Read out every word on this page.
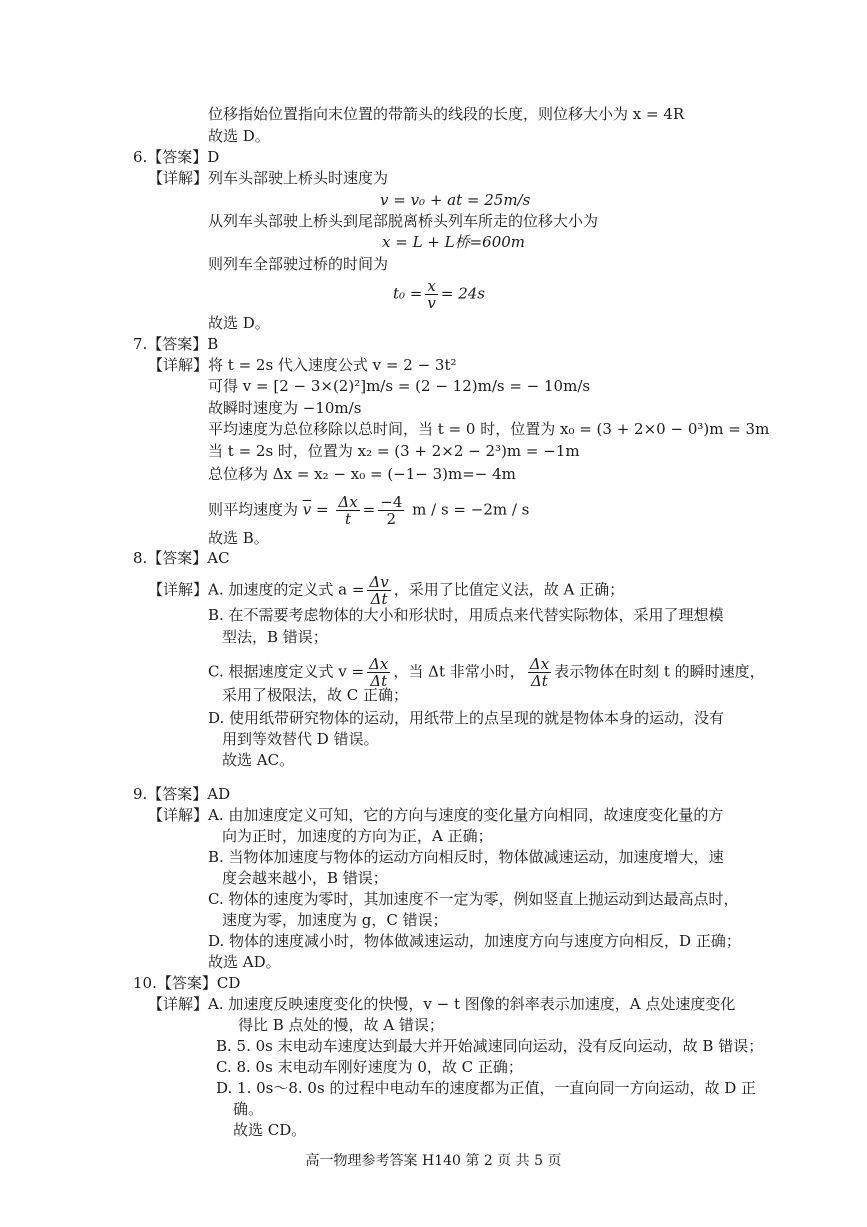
位移指始位置指向末位置的带箭头的线段的长度，则位移大小为 x = 4R
故选 D。
6.【答案】D
【详解】列车头部驶上桥头时速度为
v = v₀ + at = 25m/s
从列车头部驶上桥头到尾部脱离桥头列车所走的位移大小为
x = L + L桥=600m
则列车全部驶过桥的时间为
$t_0 = \frac{x}{v} = 24s$
故选 D。
7.【答案】B
【详解】将 t = 2s 代入速度公式 v = 2 − 3t²
可得 v = [2 − 3×(2)²]m/s = (2 − 12)m/s = − 10m/s
故瞬时速度为 −10m/s
平均速度为总位移除以总时间，当 t = 0 时，位置为 x₀ = (3 + 2×0 − 0³)m = 3m
当 t = 2s 时，位置为 x₂ = (3 + 2×2 − 2³)m = −1m
总位移为 Δx = x₂ − x₀ = (−1− 3)m=− 4m
则平均速度为 $\overline{v} = \frac{\Delta x}{t} = \frac{-4}{2}$ m / s = −2m / s
故选 B。
8.【答案】AC
【详解】A. 加速度的定义式 $a = \frac{\Delta v}{\Delta t}$ ，采用了比值定义法，故 A 正确；
B. 在不需要考虑物体的大小和形状时，用质点来代替实际物体，采用了理想模
型法，B 错误；
C. 根据速度定义式 $v = \frac{\Delta x}{\Delta t}$ ，当 Δt 非常小时， $\frac{\Delta x}{\Delta t}$ 表示物体在时刻 t 的瞬时速度，
采用了极限法，故 C 正确；
D. 使用纸带研究物体的运动，用纸带上的点呈现的就是物体本身的运动，没有
用到等效替代 D 错误。
故选 AC。
9.【答案】AD
【详解】A. 由加速度定义可知，它的方向与速度的变化量方向相同，故速度变化量的方
向为正时，加速度的方向为正，A 正确；
B. 当物体加速度与物体的运动方向相反时，物体做减速运动，加速度增大，速
度会越来越小，B 错误；
C. 物体的速度为零时，其加速度不一定为零，例如竖直上抛运动到达最高点时，
速度为零，加速度为 g，C 错误；
D. 物体的速度减小时，物体做减速运动，加速度方向与速度方向相反，D 正确；
故选 AD。
10.【答案】CD
【详解】A. 加速度反映速度变化的快慢，v − t 图像的斜率表示加速度，A 点处速度变化
得比 B 点处的慢，故 A 错误；
B. 5. 0s 末电动车速度达到最大并开始减速同向运动，没有反向运动，故 B 错误；
C. 8. 0s 末电动车刚好速度为 0，故 C 正确；
D. 1. 0s～8. 0s 的过程中电动车的速度都为正值，一直向同一方向运动，故 D 正
确。
故选 CD。
高一物理参考答案 H140 第 2 页 共 5 页
